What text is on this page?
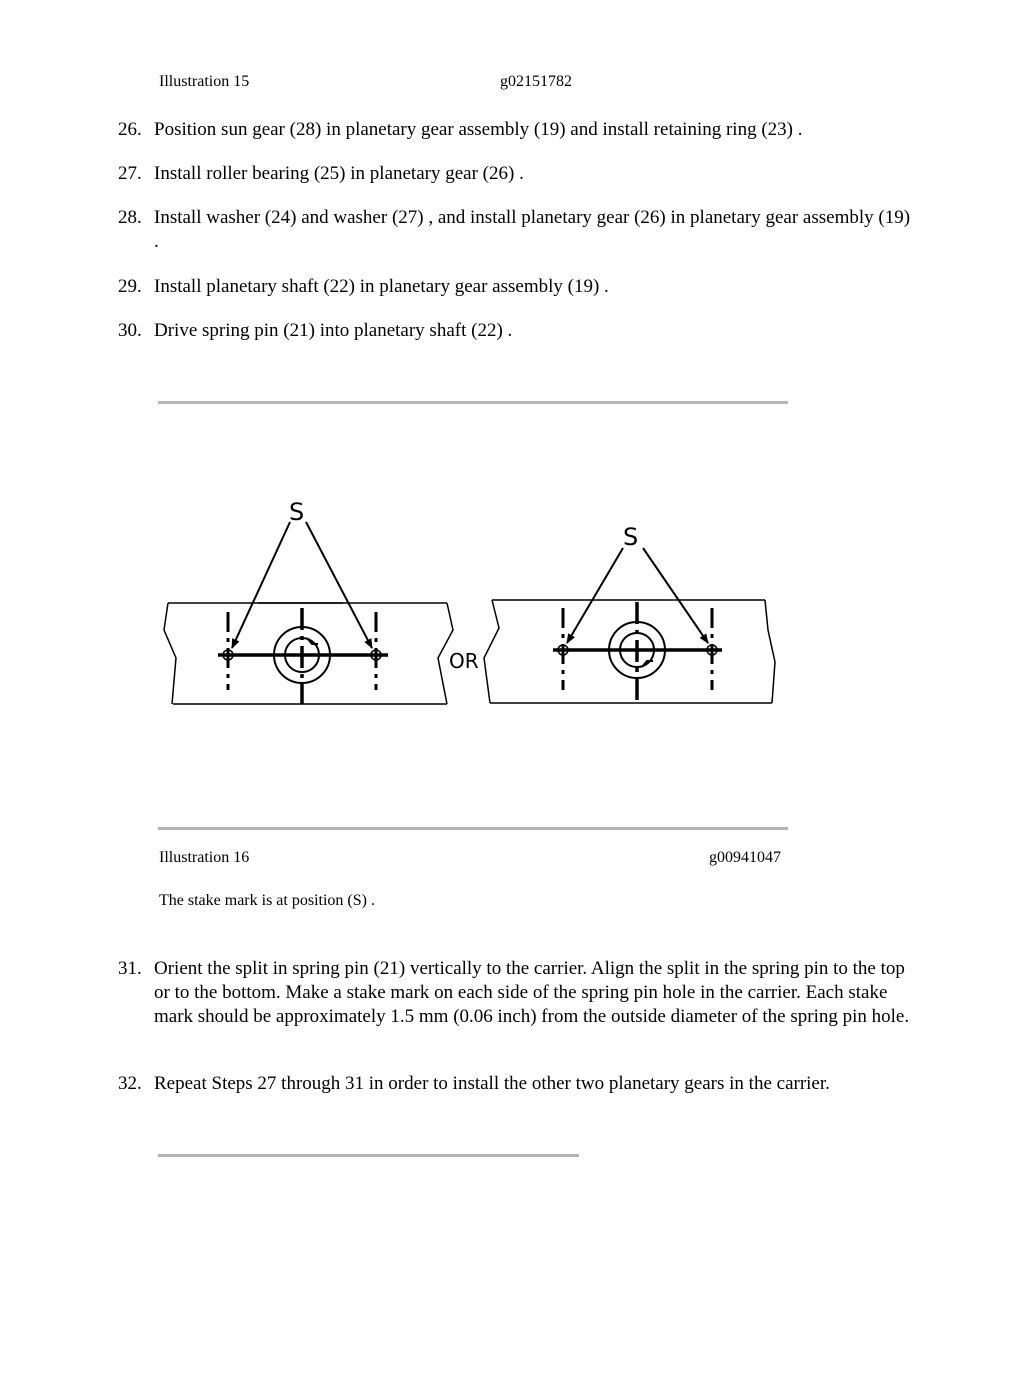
Illustration 15	g02151782
26. Position sun gear (28) in planetary gear assembly (19) and install retaining ring (23) .
27. Install roller bearing (25) in planetary gear (26) .
28. Install washer (24) and washer (27) , and install planetary gear (26) in planetary gear assembly (19) .
29. Install planetary shaft (22) in planetary gear assembly (19) .
30. Drive spring pin (21) into planetary shaft (22) .
S
OR
S
Illustration 16	g00941047
The stake mark is at position (S) .
31. Orient the split in spring pin (21) vertically to the carrier. Align the split in the spring pin to the top or to the bottom. Make a stake mark on each side of the spring pin hole in the carrier. Each stake mark should be approximately 1.5 mm (0.06 inch) from the outside diameter of the spring pin hole.
32. Repeat Steps 27 through 31 in order to install the other two planetary gears in the carrier.
